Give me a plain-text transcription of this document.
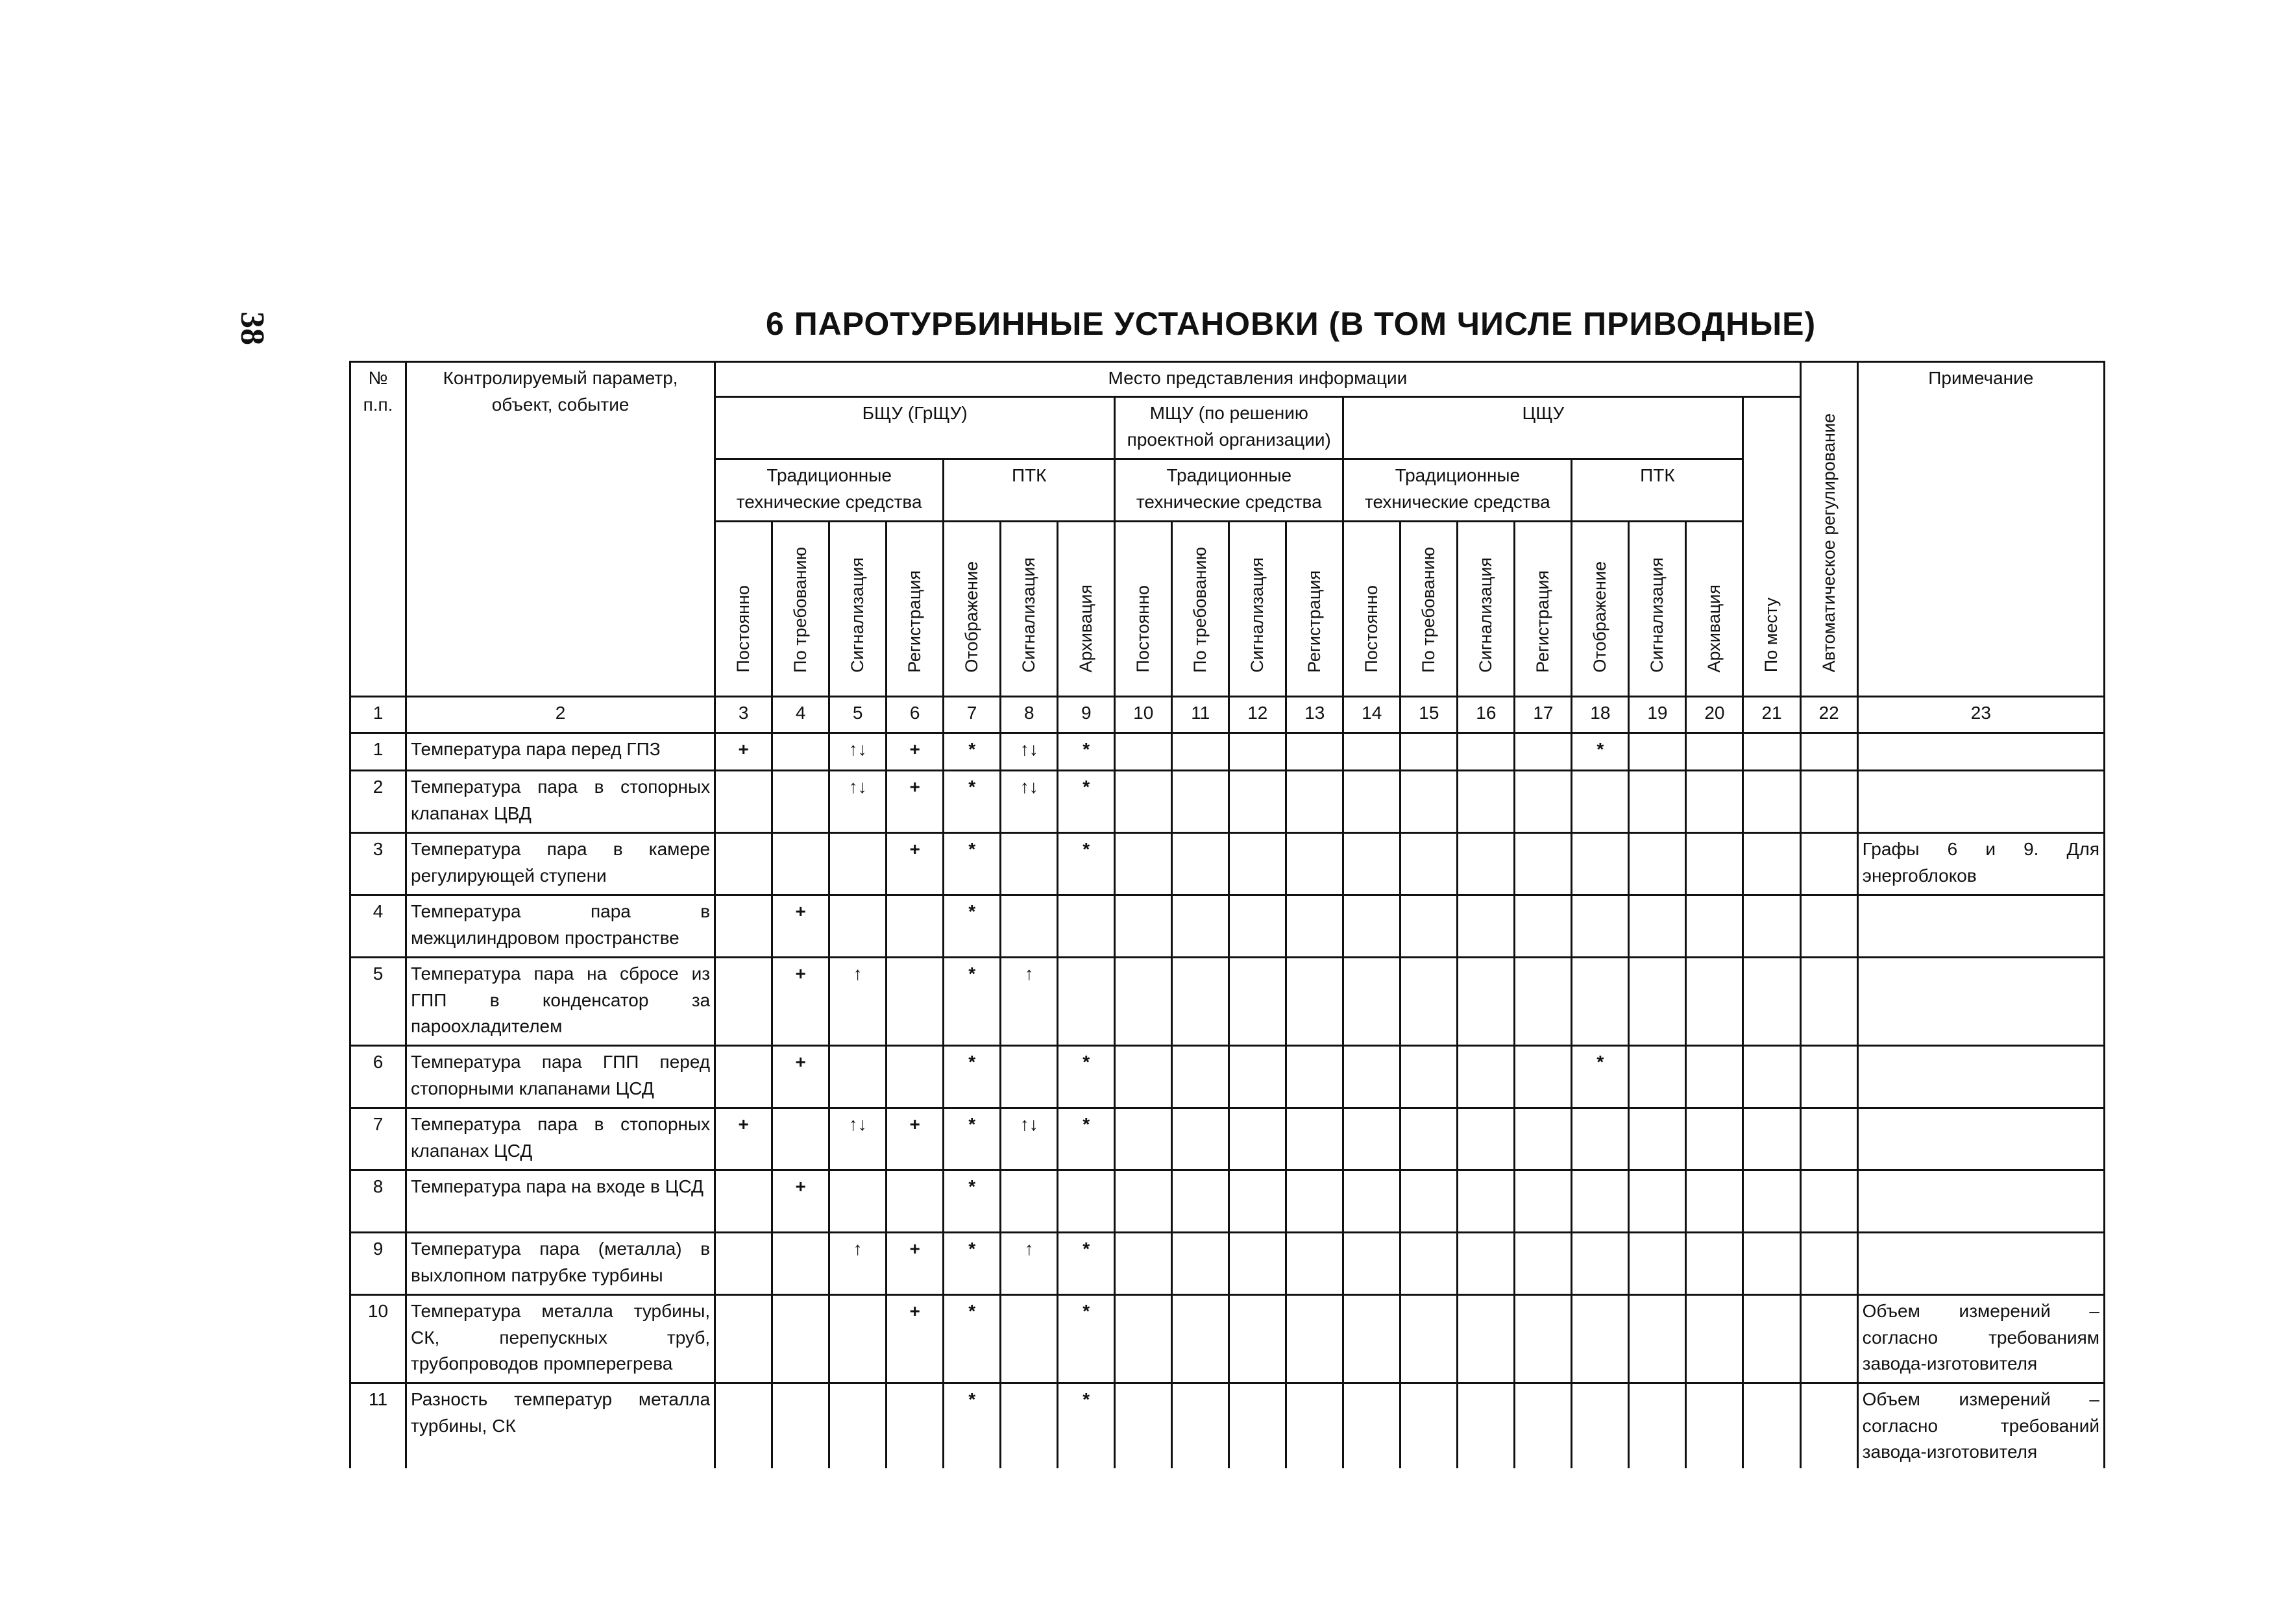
38	6 ПАРОТУРБИННЫЕ УСТАНОВКИ (В ТОМ ЧИСЛЕ ПРИВОДНЫЕ)
№ п.п.	Контролируемый параметр, объект, событие	Место представления информации																			Автоматическое регулирование	Примечание
		БЩУ (ГрЩУ)							МЩУ (по решению проектной организации)				ЦЩУ							По месту		
		Традиционные технические средства				ПТК			Традиционные технические средства				Традиционные технические средства				ПТК					
		Постоянно	По требованию	Сигнализация	Регистрация	Отображение	Сигнализация	Архивация	Постоянно	По требованию	Сигнализация	Регистрация	Постоянно	По требованию	Сигнализация	Регистрация	Отображение	Сигнализация	Архивация			
1	2	3	4	5	6	7	8	9	10	11	12	13	14	15	16	17	18	19	20	21	22	23
1	Температура пара перед ГПЗ	+		↑↓	+	*	↑↓	*									*					
2	Температура пара в стопорных клапанах ЦВД			↑↓	+	*	↑↓	*														
3	Температура пара в камере регулирующей ступени				+	*		*														Графы 6 и 9. Для энергоблоков
4	Температура пара в межцилиндровом пространстве		+			*																
5	Температура пара на сбросе из ГПП в конденсатор за пароохладителем		+	↑		*	↑															
6	Температура пара ГПП перед стопорными клапанами ЦСД		+			*		*									*					
7	Температура пара в стопорных клапанах ЦСД	+		↑↓	+	*	↑↓	*														
8	Температура пара на входе в ЦСД		+			*																
9	Температура пара (металла) в выхлопном патрубке турбины			↑	+	*	↑	*														
10	Температура металла турбины, СК, перепускных труб, трубопроводов промперегрева				+	*		*														Объем измерений – согласно требованиям завода-изготовителя
11	Разность температур металла турбины, СК					*		*														Объем измерений – согласно требований завода-изготовителя
